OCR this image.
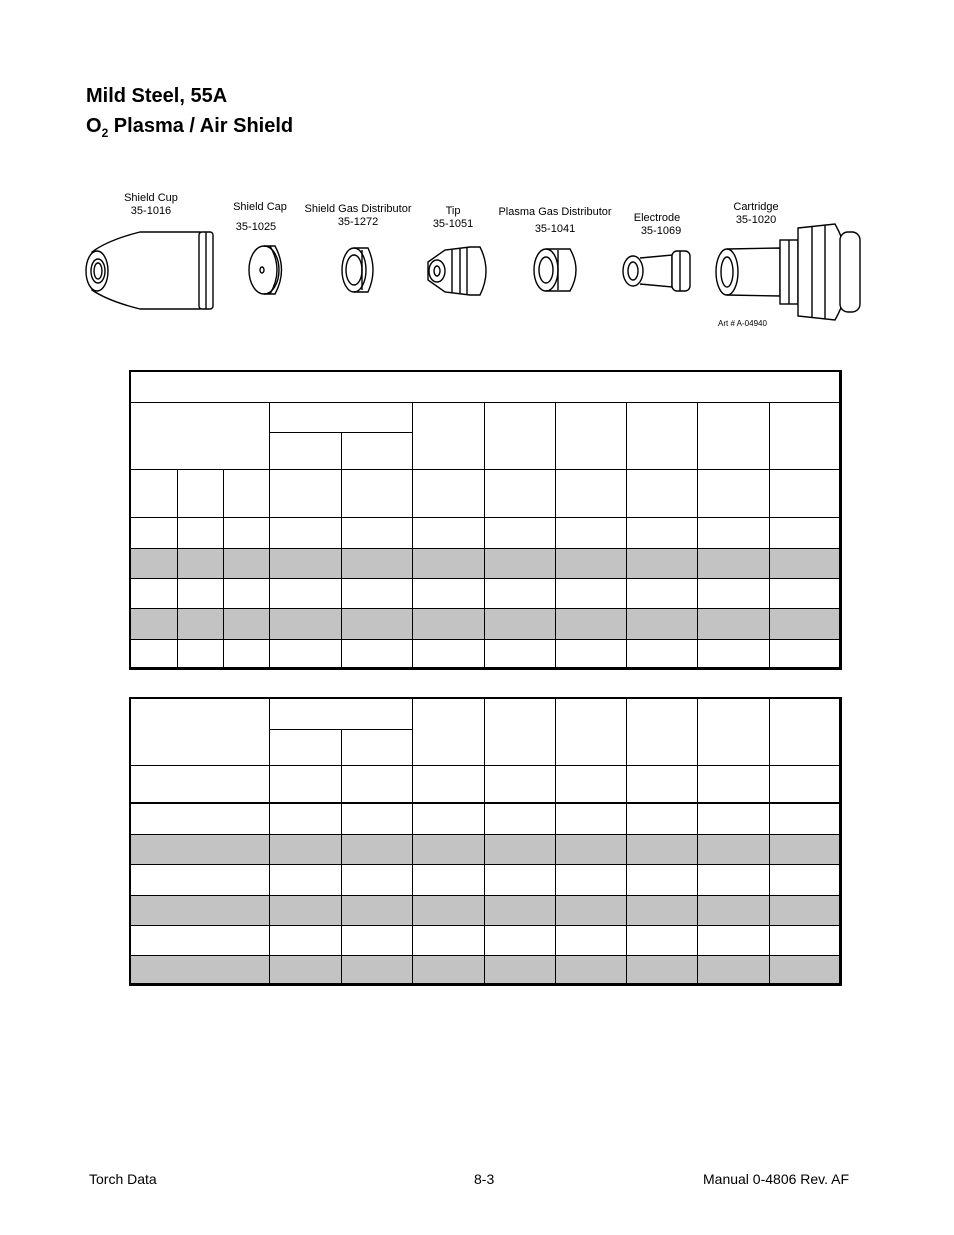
Mild Steel, 55A
$O_2$ Plasma / Air Shield
Shield Cup
35-1016	Shield Cap
35-1025
Shield Gas Distributor
35-1272
Tip
35-1051
Plasma Gas Distributor
35-1041
Electrode
35-1069
Cartridge
35-1020
Art # A-04940

Torch Data	8-3	Manual 0-4806 Rev. AF
